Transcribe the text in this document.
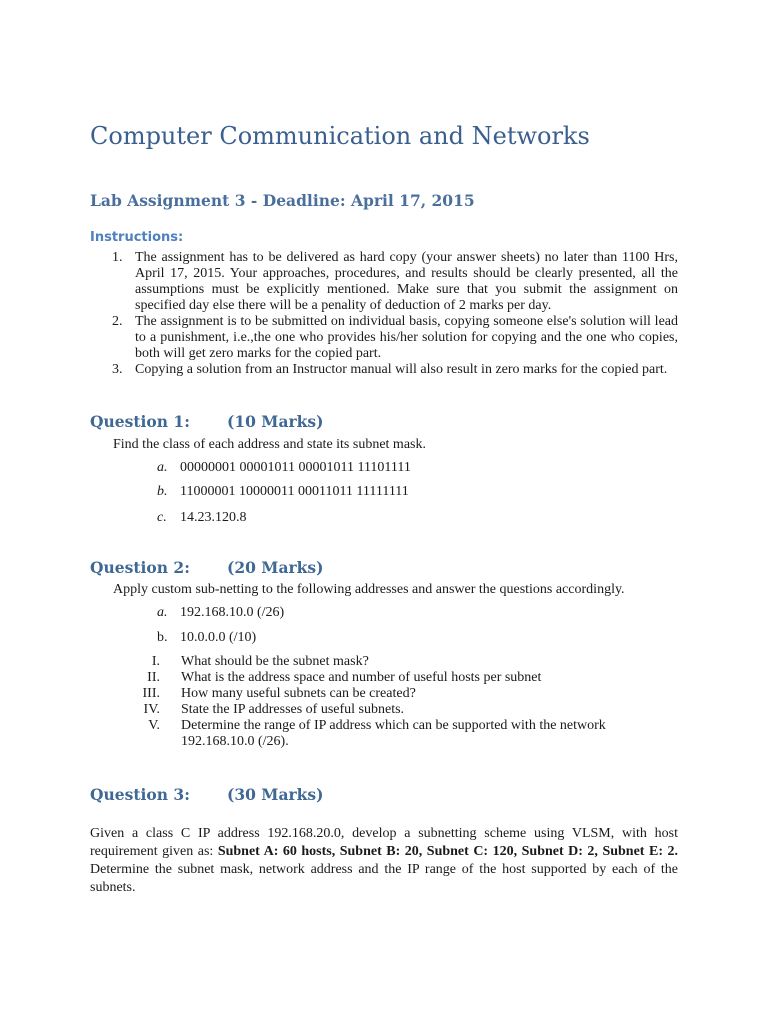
Computer Communication and Networks
Lab Assignment 3 - Deadline: April 17, 2015
Instructions:
1. The assignment has to be delivered as hard copy (your answer sheets) no later than 1100 Hrs, April 17, 2015. Your approaches, procedures, and results should be clearly presented, all the assumptions must be explicitly mentioned. Make sure that you submit the assignment on specified day else there will be a penality of deduction of 2 marks per day.
2. The assignment is to be submitted on individual basis, copying someone else's solution will lead to a punishment, i.e.,the one who provides his/her solution for copying and the one who copies, both will get zero marks for the copied part.
3. Copying a solution from an Instructor manual will also result in zero marks for the copied part.
Question 1: (10 Marks)
Find the class of each address and state its subnet mask.
a. 00000001 00001011 00001011 11101111
b. 11000001 10000011 00011011 11111111
c. 14.23.120.8
Question 2: (20 Marks)
Apply custom sub-netting to the following addresses and answer the questions accordingly.
a. 192.168.10.0 (/26)
b. 10.0.0.0 (/10)
I. What should be the subnet mask?
II. What is the address space and number of useful hosts per subnet
III. How many useful subnets can be created?
IV. State the IP addresses of useful subnets.
V. Determine the range of IP address which can be supported with the network 192.168.10.0 (/26).
Question 3: (30 Marks)
Given a class C IP address 192.168.20.0, develop a subnetting scheme using VLSM, with host requirement given as: Subnet A: 60 hosts, Subnet B: 20, Subnet C: 120, Subnet D: 2, Subnet E: 2. Determine the subnet mask, network address and the IP range of the host supported by each of the subnets.
